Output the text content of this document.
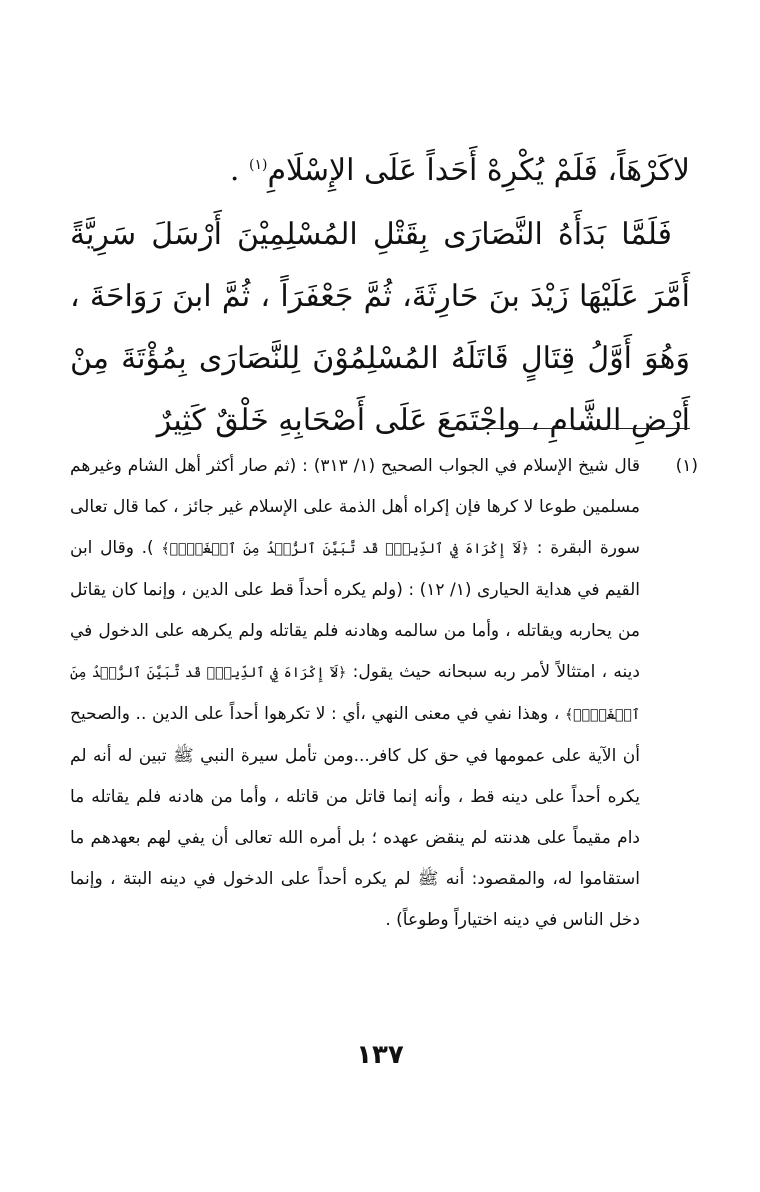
لاكَرْهَاً، فَلَمْ يُكْرِهْ أَحَداً عَلَى الإِسْلَامِ$^{(١)}$ .

فَلَمَّا بَدَأَهُ النَّصَارَى بِقَتْلِ المُسْلِمِيْنَ أَرْسَلَ سَرِيَّةً أَمَّرَ عَلَيْهَا زَيْدَ بنَ حَارِثَةَ، ثُمَّ جَعْفَرَاً ، ثُمَّ ابنَ رَوَاحَةَ ، وَهُوَ أَوَّلُ قِتَالٍ قَاتَلَهُ المُسْلِمُوْنَ لِلنَّصَارَى بِمُؤْتَةَ مِنْ أَرْضِ الشَّامِ ، واجْتَمَعَ عَلَى أَصْحَابِهِ خَلْقٌ كَثِيرٌ

(١)

قال شيخ الإسلام في الجواب الصحيح (١/ ٣١٣) : (ثم صار أكثر أهل الشام وغيرهم مسلمين طوعا لا كرها فإن إكراه أهل الذمة على الإسلام غير جائز ، كما قال تعالى سورة البقرة : ﴿لَآ إِكْرَاهَ فِي ٱلدِّينِۖ قَد تَّبَيَّنَ ٱلرُّشۡدُ مِنَ ٱلۡغَيِّۚ﴾ ). وقال ابن القيم في هداية الحيارى (١/ ١٢) : (ولم يكره أحداً قط على الدين ، وإنما كان يقاتل من يحاربه ويقاتله ، وأما من سالمه وهادنه فلم يقاتله ولم يكرهه على الدخول في دينه ، امتثالاً لأمر ربه سبحانه حيث يقول: ﴿لَآ إِكْرَاهَ فِي ٱلدِّينِۖ قَد تَّبَيَّنَ ٱلرُّشۡدُ مِنَ ٱلۡغَيِّۚ﴾ ، وهذا نفي في معنى النهي ،أي : لا تكرهوا أحداً على الدين .. والصحيح أن الآية على عمومها في حق كل كافر...ومن تأمل سيرة النبي ﷺ تبين له أنه لم يكره أحداً على دينه قط ، وأنه إنما قاتل من قاتله ، وأما من هادنه فلم يقاتله ما دام مقيماً على هدنته لم ينقض عهده ؛ بل أمره الله تعالى أن يفي لهم بعهدهم ما استقاموا له، والمقصود: أنه ﷺ لم يكره أحداً على الدخول في دينه البتة ، وإنما دخل الناس في دينه اختياراً وطوعاً) .

١٣٧
